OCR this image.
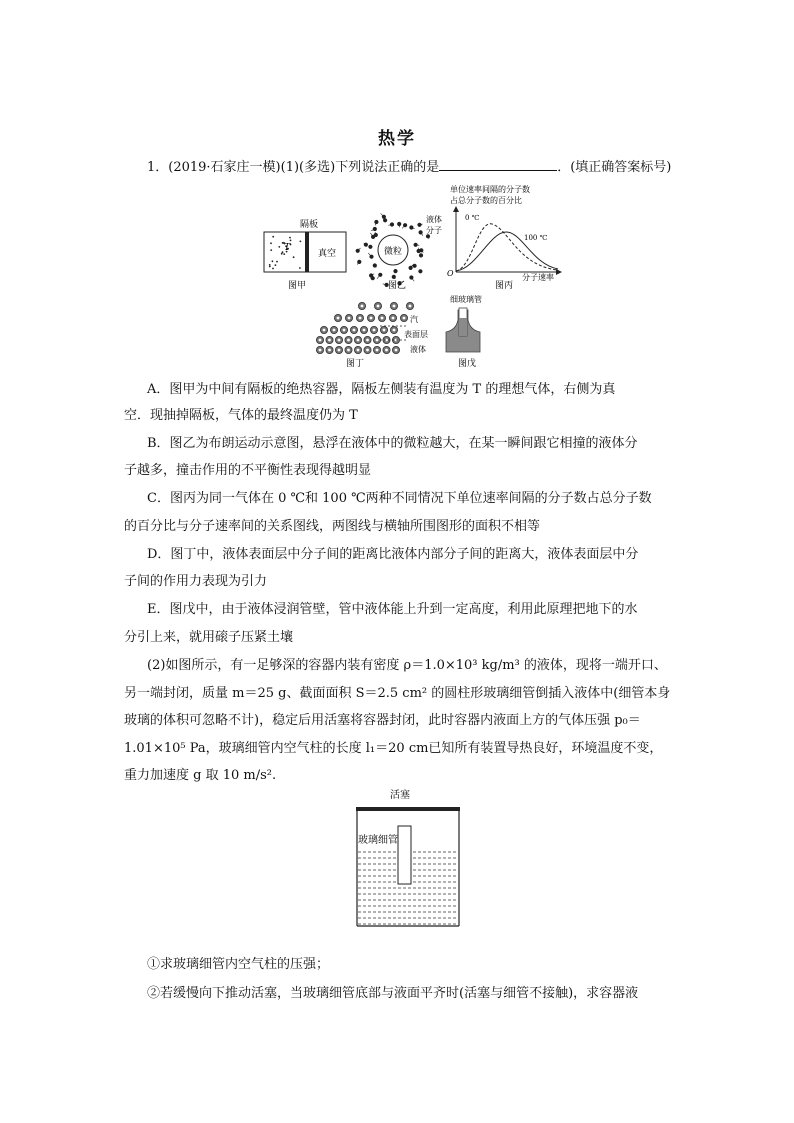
热学
1．(2019·石家庄一模)(1)(多选)下列说法正确的是	．(填正确答案标号)
隔板
T
真空
图甲
微粒
液体
分子
图乙
单位速率间隔的分子数
占总分子数的百分比
0 ℃
100 ℃
O	分子速率
图丙
汽
表面层
液体
图丁
细玻璃管
图戊
A．图甲为中间有隔板的绝热容器，隔板左侧装有温度为 T 的理想气体，右侧为真
空．现抽掉隔板，气体的最终温度仍为 T
B．图乙为布朗运动示意图，悬浮在液体中的微粒越大，在某一瞬间跟它相撞的液体分
子越多，撞击作用的不平衡性表现得越明显
C．图丙为同一气体在 0 ℃和 100 ℃两种不同情况下单位速率间隔的分子数占总分子数
的百分比与分子速率间的关系图线，两图线与横轴所围图形的面积不相等
D．图丁中，液体表面层中分子间的距离比液体内部分子间的距离大，液体表面层中分
子间的作用力表现为引力
E．图戊中，由于液体浸润管壁，管中液体能上升到一定高度，利用此原理把地下的水
分引上来，就用磙子压紧土壤
(2)如图所示，有一足够深的容器内装有密度 ρ＝1.0×10³ kg/m³ 的液体，现将一端开口、
另一端封闭，质量 m＝25 g、截面面积 S＝2.5 cm² 的圆柱形玻璃细管倒插入液体中(细管本身
玻璃的体积可忽略不计)，稳定后用活塞将容器封闭，此时容器内液面上方的气体压强 p₀＝
1.01×10⁵ Pa，玻璃细管内空气柱的长度 l₁＝20 cm已知所有装置导热良好，环境温度不变，
重力加速度 g 取 10 m/s².
活塞
玻璃细管
①求玻璃细管内空气柱的压强；
②若缓慢向下推动活塞，当玻璃细管底部与液面平齐时(活塞与细管不接触)，求容器液
